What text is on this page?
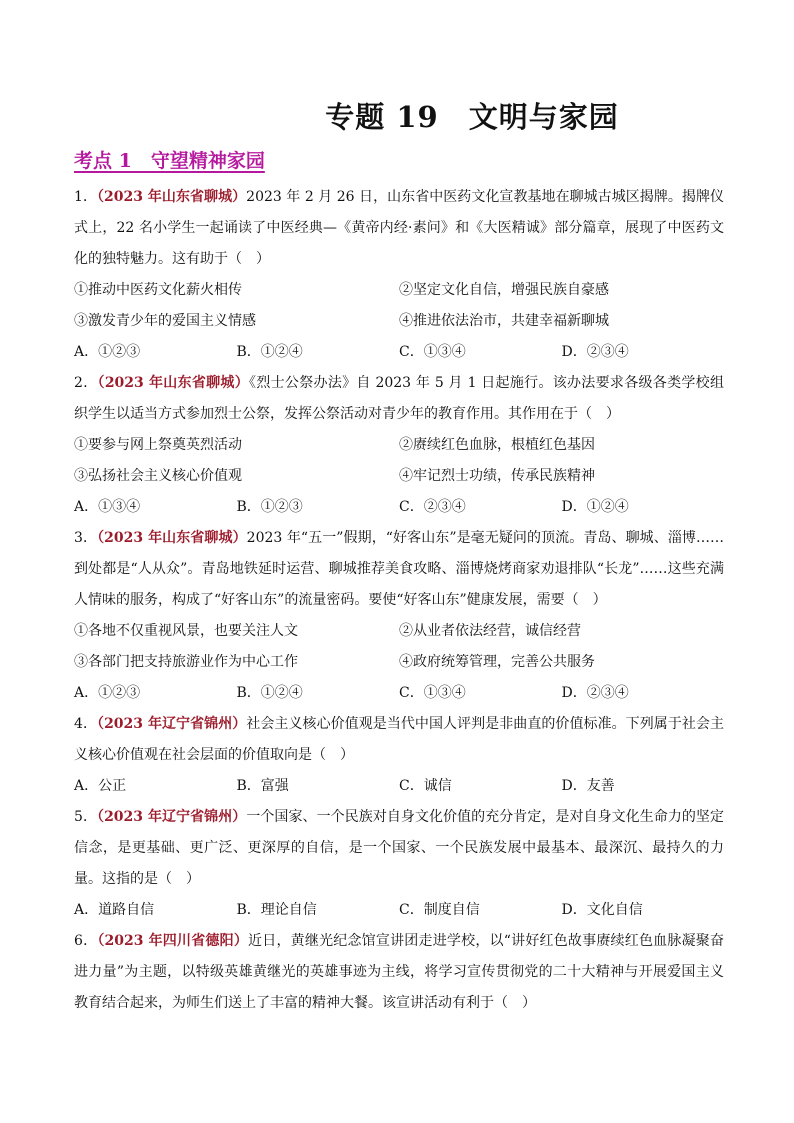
专题 19　文明与家园
考点 1　守望精神家园

1．（2023 年山东省聊城）2023 年 2 月 26 日，山东省中医药文化宣教基地在聊城古城区揭牌。揭牌仪式上，22 名小学生一起诵读了中医经典—《黄帝内经·素问》和《大医精诚》部分篇章，展现了中医药文化的独特魅力。这有助于（　）

①推动中医药文化薪火相传	②坚定文化自信，增强民族自豪感
③激发青少年的爱国主义情感	④推进依法治市，共建幸福新聊城
A．①②③	B．①②④	C．①③④	D．②③④

2．（2023 年山东省聊城）《烈士公祭办法》自 2023 年 5 月 1 日起施行。该办法要求各级各类学校组织学生以适当方式参加烈士公祭，发挥公祭活动对青少年的教育作用。其作用在于（　）

①要参与网上祭奠英烈活动	②赓续红色血脉，根植红色基因
③弘扬社会主义核心价值观	④牢记烈士功绩，传承民族精神
A．①③④	B．①②③	C．②③④	D．①②④

3．（2023 年山东省聊城）2023 年“五一”假期，“好客山东”是毫无疑问的顶流。青岛、聊城、淄博……到处都是“人从众”。青岛地铁延时运营、聊城推荐美食攻略、淄博烧烤商家劝退排队“长龙”……这些充满人情味的服务，构成了“好客山东”的流量密码。要使“好客山东”健康发展，需要（　）

①各地不仅重视风景，也要关注人文	②从业者依法经营，诚信经营
③各部门把支持旅游业作为中心工作	④政府统筹管理，完善公共服务
A．①②③	B．①②④	C．①③④	D．②③④

4．（2023 年辽宁省锦州）社会主义核心价值观是当代中国人评判是非曲直的价值标准。下列属于社会主义核心价值观在社会层面的价值取向是（　）

A．公正	B．富强	C．诚信	D．友善

5．（2023 年辽宁省锦州）一个国家、一个民族对自身文化价值的充分肯定，是对自身文化生命力的坚定信念，是更基础、更广泛、更深厚的自信，是一个国家、一个民族发展中最基本、最深沉、最持久的力量。这指的是（　）

A．道路自信	B．理论自信	C．制度自信	D．文化自信

6．（2023 年四川省德阳）近日，黄继光纪念馆宣讲团走进学校，以“讲好红色故事赓续红色血脉凝聚奋进力量”为主题，以特级英雄黄继光的英雄事迹为主线，将学习宣传贯彻党的二十大精神与开展爱国主义教育结合起来，为师生们送上了丰富的精神大餐。该宣讲活动有利于（　）
